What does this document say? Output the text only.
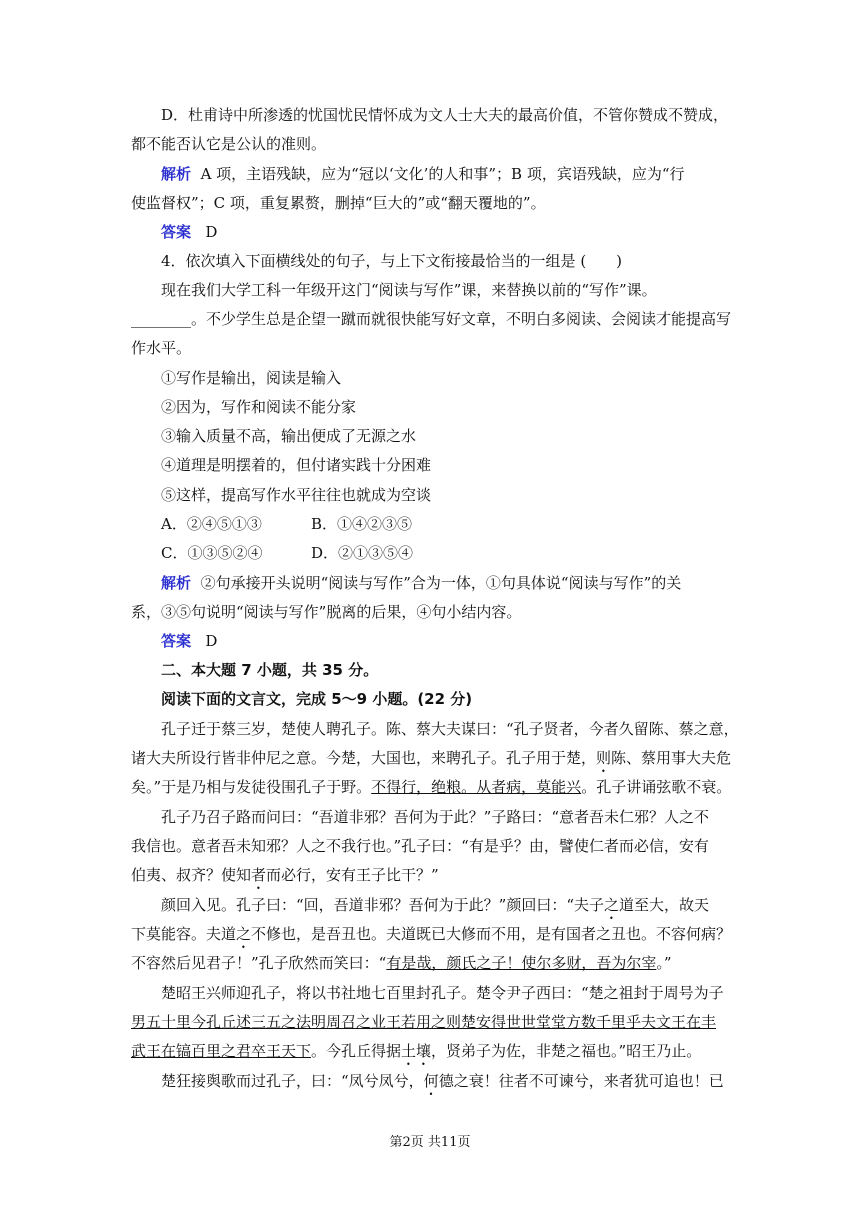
D．杜甫诗中所渗透的忧国忧民情怀成为文人士大夫的最高价值，不管你赞成不赞成，
都不能否认它是公认的准则。
解析 A 项，主语残缺，应为“冠以‘文化’的人和事”；B 项，宾语残缺，应为“行
使监督权”；C 项，重复累赘，删掉“巨大的”或“翻天覆地的”。
答案 D
4．依次填入下面横线处的句子，与上下文衔接最恰当的一组是 (　　)
现在我们大学工科一年级开这门“阅读与写作”课，来替换以前的“写作”课。
________。不少学生总是企望一蹴而就很快能写好文章，不明白多阅读、会阅读才能提高写
作水平。
①写作是输出，阅读是输入
②因为，写作和阅读不能分家
③输入质量不高，输出便成了无源之水
④道理是明摆着的，但付诸实践十分困难
⑤这样，提高写作水平往往也就成为空谈
A．②④⑤①③	B．①④②③⑤
C．①③⑤②④	D．②①③⑤④
解析 ②句承接开头说明“阅读与写作”合为一体，①句具体说“阅读与写作”的关
系，③⑤句说明“阅读与写作”脱离的后果，④句小结内容。
答案 D
二、本大题 7 小题，共 35 分。
阅读下面的文言文，完成 5～9 小题。(22 分)
孔子迁于蔡三岁，楚使人聘孔子。陈、蔡大夫谋曰：“孔子贤者，今者久留陈、蔡之意，
诸大夫所设行皆非仲尼之意。今楚，大国也，来聘孔子。孔子用于楚，则陈、蔡用事大夫危
矣。”于是乃相与发徒役围孔子于野。不得行，绝粮。从者病，莫能兴。孔子讲诵弦歌不衰。
孔子乃召子路而问曰：“吾道非邪？吾何为于此？”子路曰：“意者吾未仁邪？人之不
我信也。意者吾未知邪？人之不我行也。”孔子曰：“有是乎？由，譬使仁者而必信，安有
伯夷、叔齐？使知者而必行，安有王子比干？”
颜回入见。孔子曰：“回，吾道非邪？吾何为于此？”颜回曰：“夫子之道至大，故天
下莫能容。夫道之不修也，是吾丑也。夫道既已大修而不用，是有国者之丑也。不容何病？
不容然后见君子！”孔子欣然而笑曰：“有是哉，颜氏之子！使尔多财，吾为尔宰。”
楚昭王兴师迎孔子，将以书社地七百里封孔子。楚令尹子西曰：“楚之祖封于周号为子
男五十里今孔丘述三五之法明周召之业王若用之则楚安得世世堂堂方数千里乎夫文王在丰
武王在镐百里之君卒王天下。今孔丘得据土壤，贤弟子为佐，非楚之福也。”昭王乃止。
楚狂接舆歌而过孔子，曰：“凤兮凤兮，何德之衰！往者不可谏兮，来者犹可追也！已
第2页 共11页
